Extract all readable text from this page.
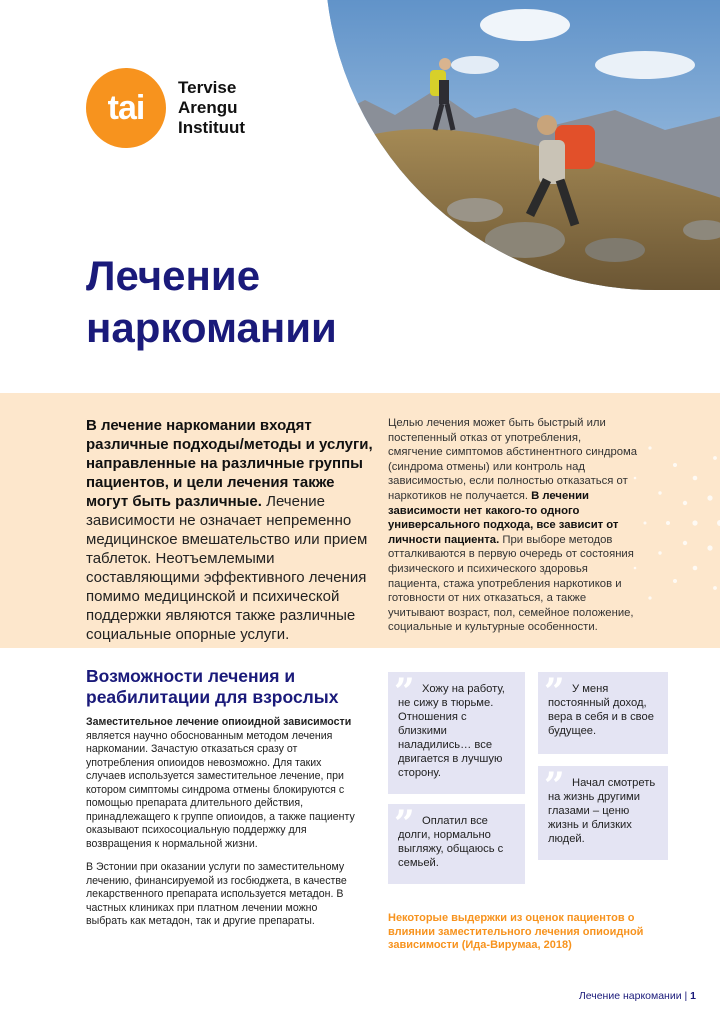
tai
Tervise
Arengu
Instituut
Лечение
наркомании
В лечение наркомании входят различные подходы/методы и услуги, направленные на различные группы пациентов, и цели лечения также могут быть различные. Лечение зависимости не означает непременно медицинское вмешательство или прием таблеток. Неотъемлемыми составляющими эффективного лечения помимо медицинской и психической поддержки являются также различные социальные опорные услуги.
Целью лечения может быть быстрый или постепенный отказ от употребления, смягчение симптомов абстинентного синдрома (синдрома отмены) или контроль над зависимостью, если полностью отказаться от наркотиков не получается. В лечении зависимости нет какого-то одного универсального подхода, все зависит от личности пациента. При выборе методов отталкиваются в первую очередь от состояния физического и психического здоровья пациента, стажа употребления наркотиков и готовности от них отказаться, а также учитывают возраст, пол, семейное положение, социальные и культурные особенности.
Возможности лечения и
реабилитации для взрослых

Заместительное лечение опиоидной зависимости является научно обоснованным методом лечения наркомании. Зачастую отказаться сразу от употребления опиоидов невозможно. Для таких случаев используется заместительное лечение, при котором симптомы синдрома отмены блокируются с помощью препарата длительного действия, принадлежащего к группе опиоидов, а также пациенту оказывают психосоциальную поддержку для возвращения к нормальной жизни.

В Эстонии при оказании услуги по заместительному лечению, финансируемой из госбюджета, в качестве лекарственного препарата используется метадон. В частных клиниках при платном лечении можно выбрать как метадон, так и другие препараты.

” Хожу на работу, не сижу в тюрьме. Отношения с близкими наладились… все двигается в лучшую сторону.
” У меня постоянный доход, вера в себя и в свое будущее.
” Начал смотреть на жизнь другими глазами – ценю жизнь и близких людей.
” Оплатил все долги, нормально выгляжу, общаюсь с семьей.
Некоторые выдержки из оценок пациентов о влиянии заместительного лечения опиоидной зависимости (Ида-Вирумаа, 2018)
Лечение наркомании | 1
